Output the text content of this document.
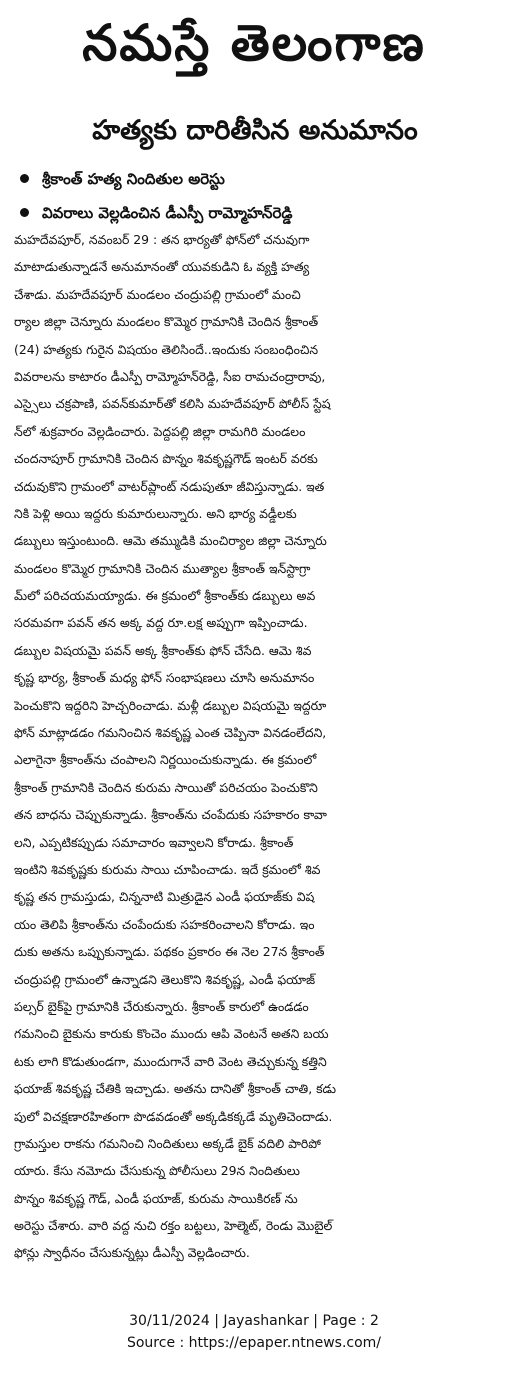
నమస్తే తెలంగాణ
హత్యకు దారితీసిన అనుమానం
శ్రీకాంత్ హత్య నిందితుల అరెస్టు
వివరాలు వెల్లడించిన డీఎస్పీ రామ్మోహన్‌రెడ్డి
మహదేవపూర్, నవంబర్ 29 : తన భార్యతో ఫోన్‌లో చనువుగా
మాటాడుతున్నాడనే అనుమానంతో యువకుడిని ఓ వ్యక్తి హత్య
చేశాడు. మహదేవపూర్ మండలం చంద్రుపల్లి గ్రామంలో మంచి
ర్యాల జిల్లా చెన్నూరు మండలం కొమ్మెర గ్రామానికి చెందిన శ్రీకాంత్
(24) హత్యకు గురైన విషయం తెలిసిందే..ఇందుకు సంబంధించిన
వివరాలను కాటారం డీఎస్పీ రామ్మోహన్‌రెడ్డి, సీఐ రామచంద్రారావు,
ఎస్సైలు చక్రపాణి, పవన్‌కుమార్‌తో కలిసి మహదేవపూర్ పోలీస్ స్టేష
న్‌లో శుక్రవారం వెల్లడించారు. పెద్దపల్లి జిల్లా రామగిరి మండలం
చందనాపూర్ గ్రామానికి చెందిన పొన్నం శివకృష్ణగౌడ్ ఇంటర్ వరకు
చదువుకొని గ్రామంలో వాటర్‌ప్లాంట్ నడుపుతూ జీవిస్తున్నాడు. ఇత
నికి పెళ్లి అయి ఇద్దరు కుమారులున్నారు. అని భార్య వడ్డీలకు
డబ్బులు ఇస్తుంటుంది. ఆమె తమ్ముడికి మంచిర్యాల జిల్లా చెన్నూరు
మండలం కొమ్మెర గ్రామానికి చెందిన ముత్యాల శ్రీకాంత్ ఇన్‌స్టాగ్రా
మ్‌లో పరిచయమయ్యాడు. ఈ క్రమంలో శ్రీకాంత్‌కు డబ్బులు అవ
సరమవగా పవన్ తన అక్క వద్ద రూ.లక్ష అప్పుగా ఇప్పించాడు.
డబ్బుల విషయమై పవన్ అక్క శ్రీకాంత్‌కు ఫోన్ చేసేది. ఆమె శివ
కృష్ణ భార్య, శ్రీకాంత్ మధ్య ఫోన్ సంభాషణలు చూసి అనుమానం
పెంచుకొని ఇద్దరిని హెచ్చరించాడు. మళ్లీ డబ్బుల విషయమై ఇద్దరూ
ఫోన్ మాట్లాడడం గమనించిన శివకృష్ణ ఎంత చెప్పినా వినడంలేదని,
ఎలాగైనా శ్రీకాంత్‌ను చంపాలని నిర్ణయించుకున్నాడు. ఈ క్రమంలో
శ్రీకాంత్ గ్రామానికి చెందిన కురుమ సాయితో పరిచయం పెంచుకొని
తన బాధను చెప్పుకున్నాడు. శ్రీకాంత్‌ను చంపేదుకు సహకారం కావా
లని, ఎప్పటికప్పుడు సమాచారం ఇవ్వాలని కోరాడు. శ్రీకాంత్
ఇంటిని శివకృష్ణకు కురుమ సాయి చూపించాడు. ఇదే క్రమంలో శివ
కృష్ణ తన గ్రామస్తుడు, చిన్ననాటి మిత్రుడైన ఎండీ ఫయాజ్‌కు విష
యం తెలిపి శ్రీకాంత్‌ను చంపేందుకు సహకరించాలని కోరాడు. ఇం
దుకు అతను ఒప్పుకున్నాడు. పథకం ప్రకారం ఈ నెల 27న శ్రీకాంత్
చంద్రుపల్లి గ్రామంలో ఉన్నాడని తెలుకొని శివకృష్ణ, ఎండీ ఫయాజ్
పల్సర్ బైక్‌పై గ్రామానికి చేరుకున్నారు. శ్రీకాంత్ కారులో ఉండడం
గమనించి బైకును కారుకు కొంచెం ముందు ఆపి వెంటనే అతని బయ
టకు లాగి కొడుతుండగా, ముందుగానే వారి వెంట తెచ్చుకున్న కత్తిని
ఫయాజ్ శివకృష్ణ చేతికి ఇచ్చాడు. అతను దానితో శ్రీకాంత్ చాతి, కడు
పులో విచక్షణారహితంగా పొడవడంతో అక్కడికక్కడే మృతిచెందాడు.
గ్రామస్తుల రాకను గమనించి నిందితులు అక్కడే బైక్ వదిలి పారిపో
యారు. కేసు నమోదు చేసుకున్న పోలీసులు 29న నిందితులు
పొన్నం శివకృష్ణ గౌడ్, ఎండీ ఫయాజ్, కురుమ సాయికిరణ్ ను
అరెస్టు చేశారు. వారి వద్ద నుచి రక్తం బట్టలు, హెల్మెట్, రెండు మొబైల్
ఫోన్లు స్వాధీనం చేసుకున్నట్లు డీఎస్పీ వెల్లడించారు.
30/11/2024 | Jayashankar | Page : 2
Source : https://epaper.ntnews.com/
